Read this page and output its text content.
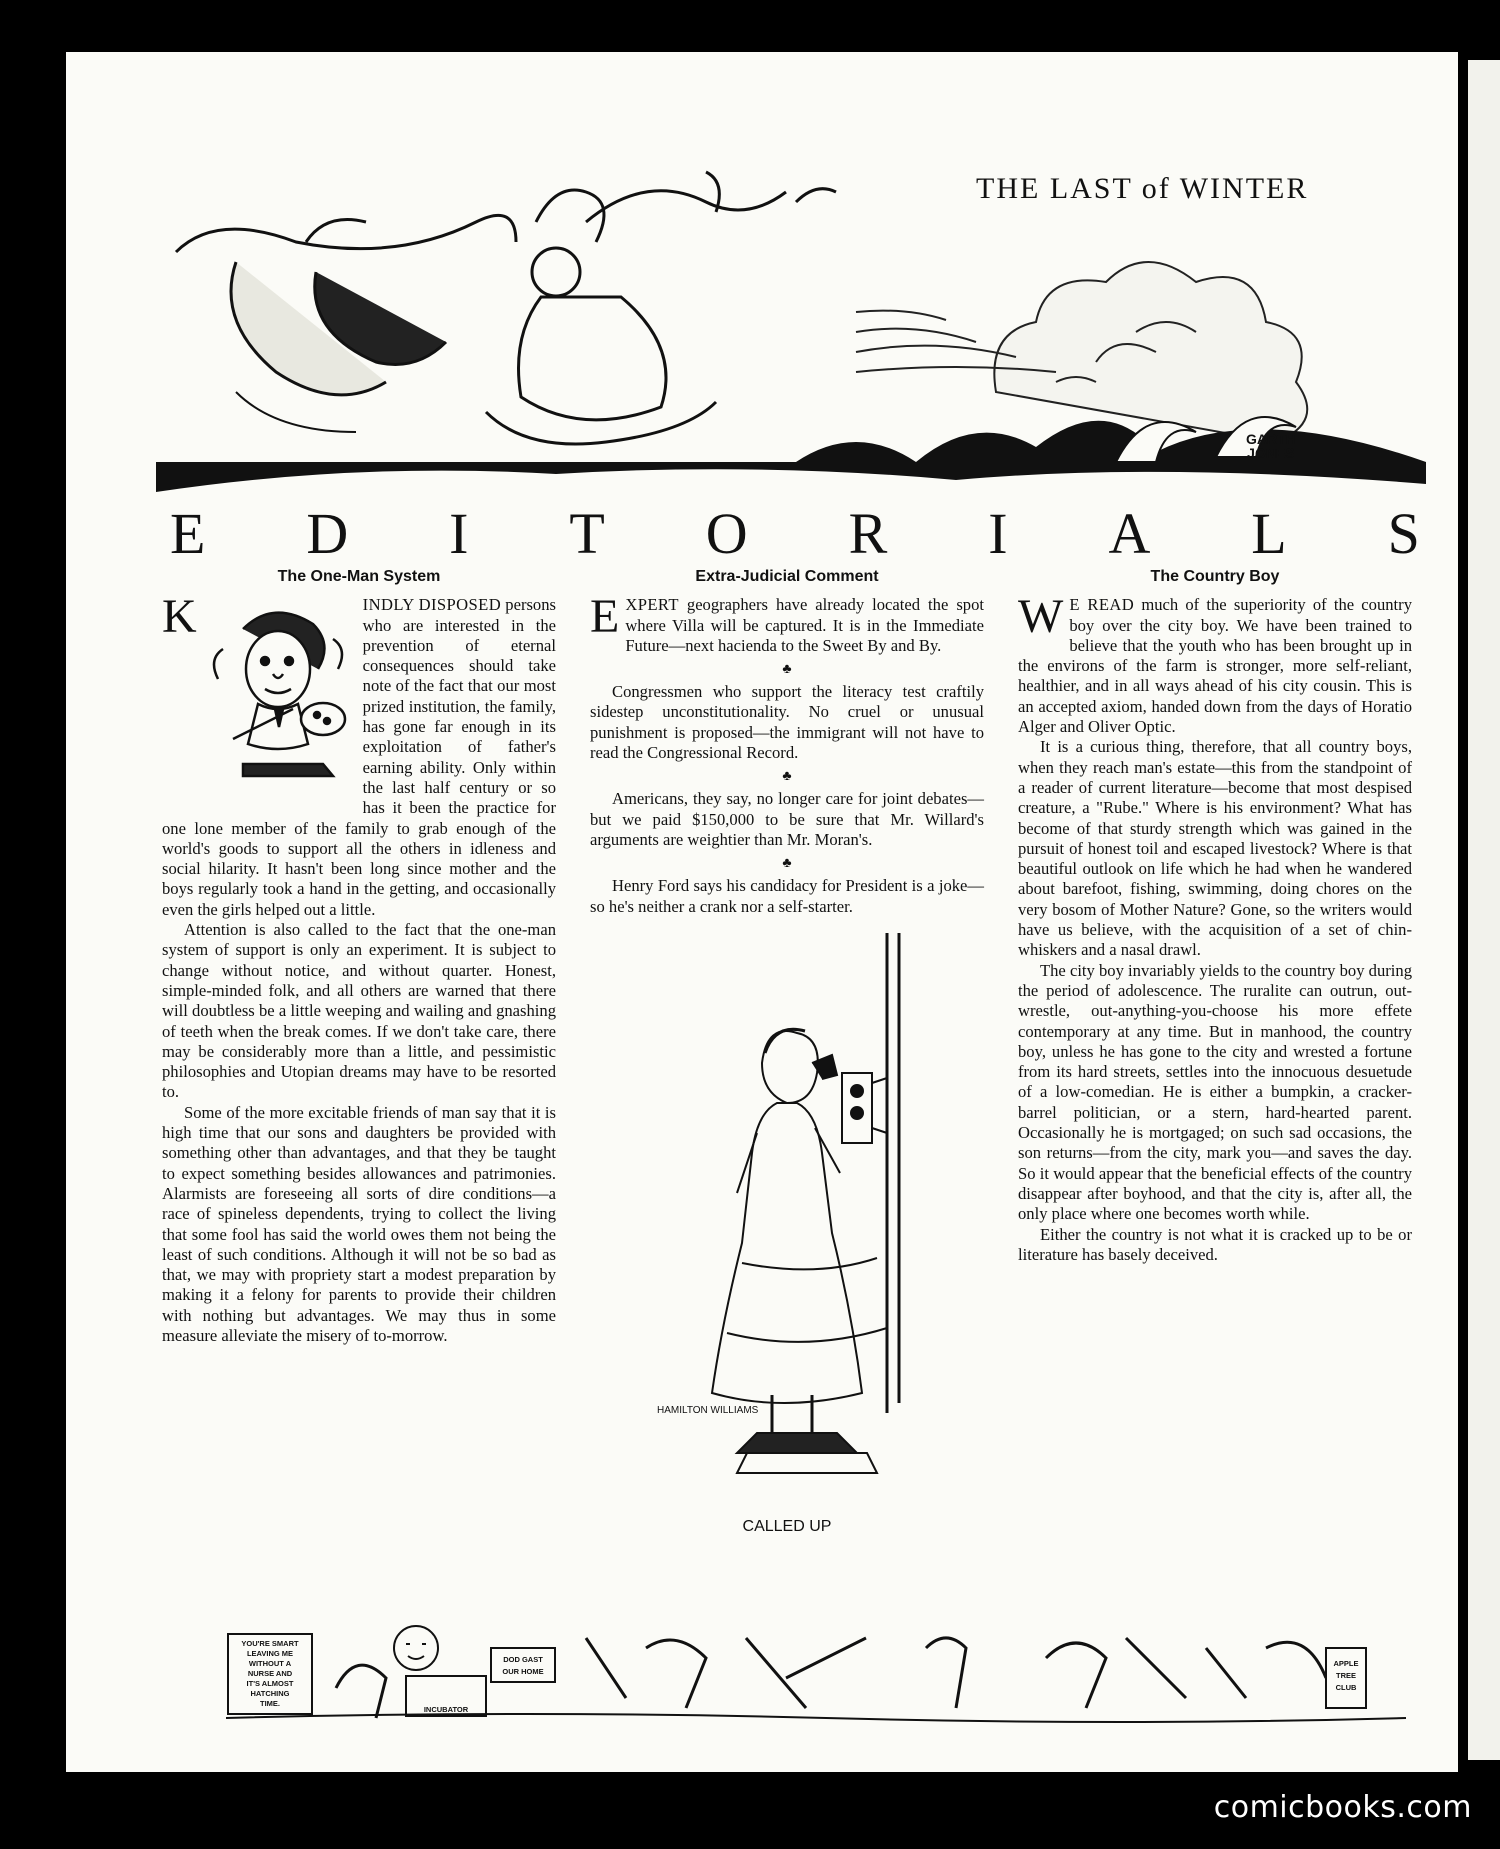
THE LAST of WINTER
GARTH
JONES
E D I T O R I A L S
The One-Man System

K	INDLY DISPOSED
persons who are interested in the prevention of eternal consequences should take note of the fact that our most prized institution, the family, has gone far enough in its exploitation of father's earning ability. Only within the last half century or so has it been the practice for one lone member of the family to grab enough of the world's goods to support all the others in idleness and social hilarity. It hasn't been long since mother and the boys regularly took a hand in the getting, and occasionally even the girls helped out a little.

Attention is also called to the fact that the one-man system of support is only an experiment. It is subject to change without notice, and without quarter. Honest, simple-minded folk, and all others are warned that there will doubtless be a little weeping and wailing and gnashing of teeth when the break comes. If we don't take care, there may be considerably more than a little, and pessimistic philosophies and Utopian dreams may have to be resorted to.

Some of the more excitable friends of man say that it is high time that our sons and daughters be provided with something other than advantages, and that they be taught to expect something besides allowances and patrimonies. Alarmists are foreseeing all sorts of dire conditions—a race of spineless dependents, trying to collect the living that some fool has said the world owes them not being the least of such conditions. Although it will not be so bad as that, we may with propriety start a modest preparation by making it a felony for parents to provide their children with nothing but advantages. We may thus in some measure alleviate the misery of to-morrow.

Extra-Judicial Comment

EXPERT geographers have already located the spot where Villa will be captured. It is in the Immediate Future—next hacienda to the Sweet By and By.

♣

Congressmen who support the literacy test craftily sidestep unconstitutionality. No cruel or unusual punishment is proposed—the immigrant will not have to read the Congressional Record.

♣

Americans, they say, no longer care for joint debates—but we paid $150,000 to be sure that Mr. Willard's arguments are weightier than Mr. Moran's.

♣

Henry Ford says his candidacy for President is a joke—so he's neither a crank nor a self-starter.

HAMILTON WILLIAMS
CALLED UP
The Country Boy

W E READ much of the superiority of the country boy over the city boy. We have been trained to believe that the youth who has been brought up in the environs of the farm is stronger, more self-reliant, healthier, and in all ways ahead of his city cousin. This is an accepted axiom, handed down from the days of Horatio Alger and Oliver Optic.

It is a curious thing, therefore, that all country boys, when they reach man's estate—this from the standpoint of a reader of current literature—become that most despised creature, a "Rube." Where is his environment? What has become of that sturdy strength which was gained in the pursuit of honest toil and escaped livestock? Where is that beautiful outlook on life which he had when he wandered about barefoot, fishing, swimming, doing chores on the very bosom of Mother Nature? Gone, so the writers would have us believe, with the acquisition of a set of chin-whiskers and a nasal drawl.

The city boy invariably yields to the country boy during the period of adolescence. The ruralite can outrun, out-wrestle, out-anything-you-choose his more effete contemporary at any time. But in manhood, the country boy, unless he has gone to the city and wrested a fortune from its hard streets, settles into the innocuous desuetude of a low-comedian. He is either a bumpkin, a cracker-barrel politician, or a stern, hard-hearted parent. Occasionally he is mortgaged; on such sad occasions, the son returns—from the city, mark you—and saves the day. So it would appear that the beneficial effects of the country disappear after boyhood, and that the city is, after all, the only place where one becomes worth while.

Either the country is not what it is cracked up to be or literature has basely deceived.

YOU'RE SMART
LEAVING ME
WITHOUT A
NURSE AND
IT'S ALMOST
HATCHING
TIME.
INCUBATOR
DOD GAST
OUR HOME
APPLE
TREE
CLUB
comicbooks.com
